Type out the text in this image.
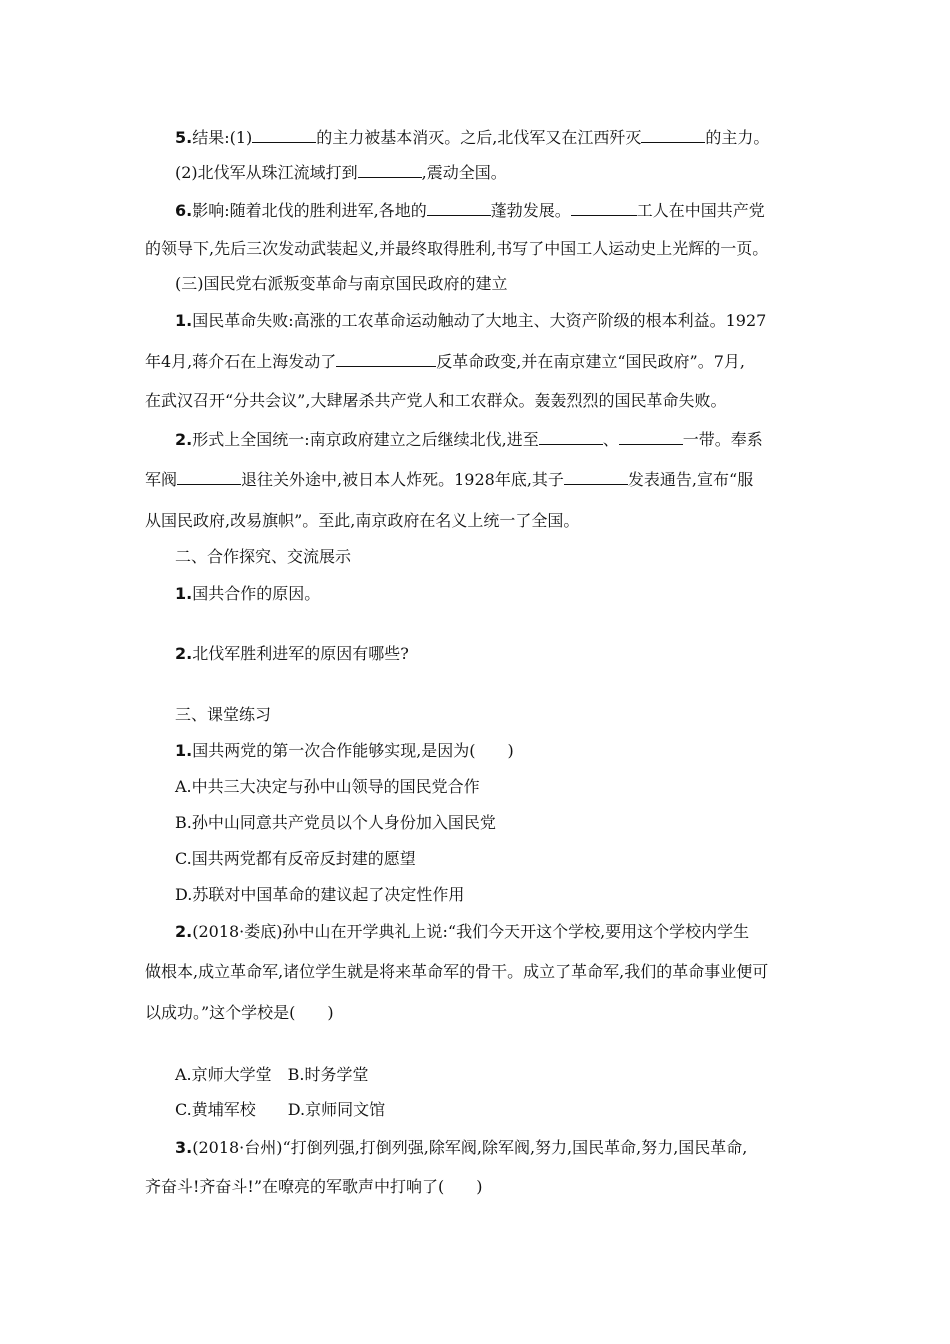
5.结果:(1)	的主力被基本消灭。之后,北伐军又在江西歼灭	的主力。
(2)北伐军从珠江流域打到	,震动全国。
6.影响:随着北伐的胜利进军,各地的	蓬勃发展。	工人在中国共产党
的领导下,先后三次发动武装起义,并最终取得胜利,书写了中国工人运动史上光辉的一页。
(三)国民党右派叛变革命与南京国民政府的建立
1.国民革命失败:高涨的工农革命运动触动了大地主、大资产阶级的根本利益。1927
年4月,蒋介石在上海发动了	反革命政变,并在南京建立“国民政府”。7月,
在武汉召开“分共会议”,大肆屠杀共产党人和工农群众。轰轰烈烈的国民革命失败。
2.形式上全国统一:南京政府建立之后继续北伐,进至	、	一带。奉系
军阀	退往关外途中,被日本人炸死。1928年底,其子	发表通告,宣布“服
从国民政府,改易旗帜”。至此,南京政府在名义上统一了全国。
二、合作探究、交流展示
1.国共合作的原因。
2.北伐军胜利进军的原因有哪些?
三、课堂练习
1.国共两党的第一次合作能够实现,是因为(　　)
A.中共三大决定与孙中山领导的国民党合作
B.孙中山同意共产党员以个人身份加入国民党
C.国共两党都有反帝反封建的愿望
D.苏联对中国革命的建议起了决定性作用
2.(2018·娄底)孙中山在开学典礼上说:“我们今天开这个学校,要用这个学校内学生
做根本,成立革命军,诸位学生就是将来革命军的骨干。成立了革命军,我们的革命事业便可
以成功。”这个学校是(　　)
A.京师大学堂　B.时务学堂
C.黄埔军校　　D.京师同文馆
3.(2018·台州)“打倒列强,打倒列强,除军阀,除军阀,努力,国民革命,努力,国民革命,
齐奋斗!齐奋斗!”在嘹亮的军歌声中打响了(　　)
